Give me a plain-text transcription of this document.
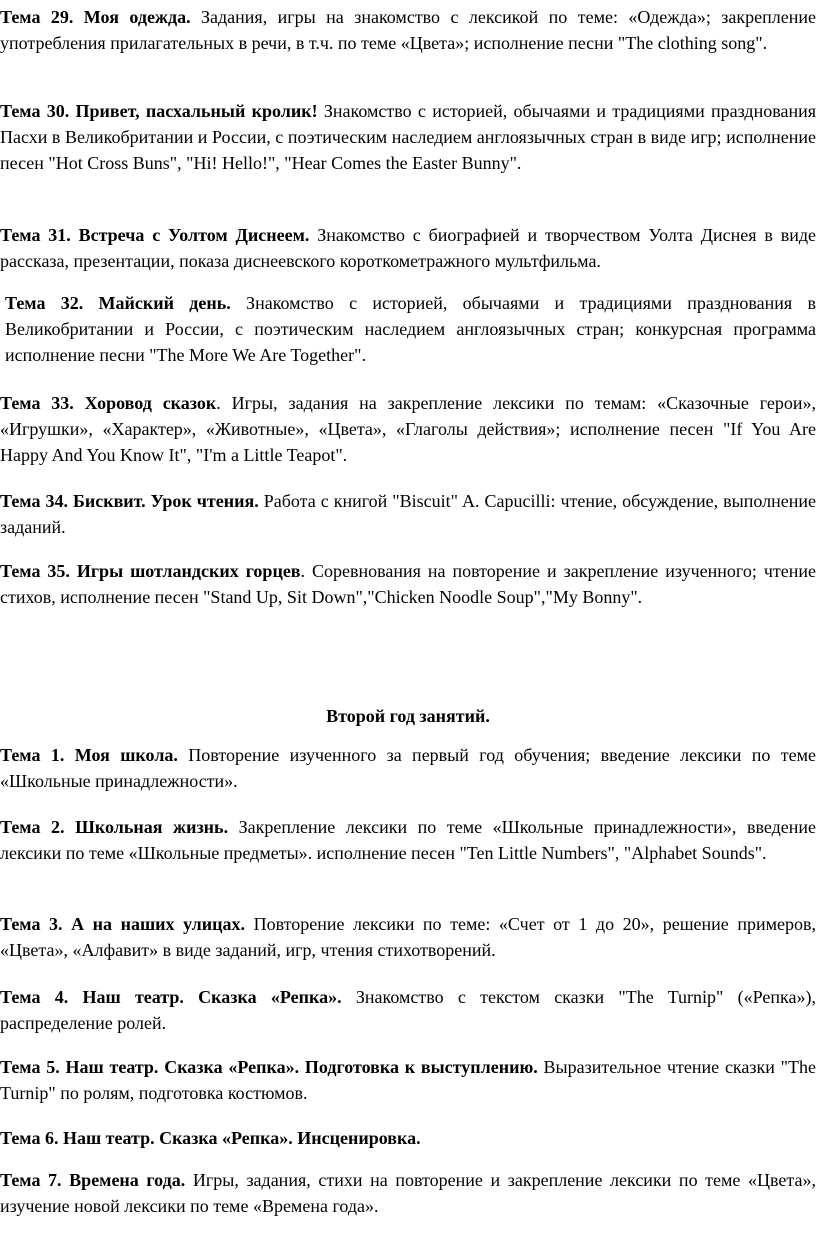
Тема 29. Моя одежда. Задания, игры на знакомство с лексикой по теме: «Одежда»; закрепление употребления прилагательных в речи, в т.ч. по теме «Цвета»; исполнение песни "The clothing song".

Тема 30. Привет, пасхальный кролик! Знакомство с историей, обычаями и традициями празднования Пасхи в Великобритании и России, с поэтическим наследием англоязычных стран в виде игр; исполнение песен "Hot Cross Buns", "Hi! Hello!", "Hear Comes the Easter Bunny".

Тема 31. Встреча с Уолтом Диснеем. Знакомство с биографией и творчеством Уолта Диснея в виде рассказа, презентации, показа диснеевского короткометражного мультфильма.

Тема 32. Майский день. Знакомство с историей, обычаями и традициями празднования в Великобритании и России, с поэтическим наследием англоязычных стран; конкурсная программа исполнение песни "The More We Are Together".

Тема 33. Хоровод сказок. Игры, задания на закрепление лексики по темам: «Сказочные герои», «Игрушки», «Характер», «Животные», «Цвета», «Глаголы действия»; исполнение песен "If You Are Happy And You Know It", "I'm a Little Teapot".

Тема 34. Бисквит. Урок чтения. Работа с книгой "Biscuit" A. Capucilli: чтение, обсуждение, выполнение заданий.

Тема 35. Игры шотландских горцев. Соревнования на повторение и закрепление изученного; чтение стихов, исполнение песен "Stand Up, Sit Down","Chicken Noodle Soup","My Bonny".

Второй год занятий.

Тема 1. Моя школа. Повторение изученного за первый год обучения; введение лексики по теме «Школьные принадлежности».

Тема 2. Школьная жизнь. Закрепление лексики по теме «Школьные принадлежности», введение лексики по теме «Школьные предметы». исполнение песен "Ten Little Numbers", "Alphabet Sounds".

Тема 3. А на наших улицах. Повторение лексики по теме: «Счет от 1 до 20», решение примеров, «Цвета», «Алфавит» в виде заданий, игр, чтения стихотворений.

Тема 4. Наш театр. Сказка «Репка». Знакомство с текстом сказки "The Turnip" («Репка»), распределение ролей.

Тема 5. Наш театр. Сказка «Репка». Подготовка к выступлению. Выразительное чтение сказки "The Turnip" по ролям, подготовка костюмов.

Тема 6. Наш театр. Сказка «Репка». Инсценировка.

Тема 7. Времена года. Игры, задания, стихи на повторение и закрепление лексики по теме «Цвета», изучение новой лексики по теме «Времена года».
